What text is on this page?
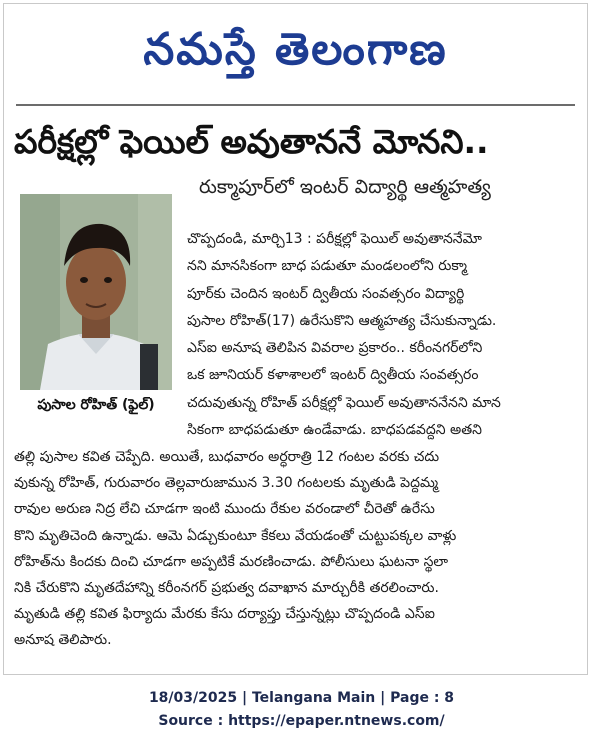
నమస్తే తెలంగాణ
పరీక్షల్లో ఫెయిల్ అవుతాననే మోనని..
రుక్మాపూర్‌లో ఇంటర్ విద్యార్థి ఆత్మహత్య
పుసాల రోహిత్ (ఫైల్)
చొప్పదండి, మార్చి13 : పరీక్షల్లో ఫెయిల్ అవుతాననేమో
నని మానసికంగా బాధ పడుతూ మండలంలోని రుక్మా
పూర్‌కు చెందిన ఇంటర్ ద్వితీయ సంవత్సరం విద్యార్థి
పుసాల రోహిత్(17) ఉరేసుకొని ఆత్మహత్య చేసుకున్నాడు.
ఎస్ఐ అనూష తెలిపిన వివరాల ప్రకారం.. కరీంనగర్‌లోని
ఒక జూనియర్ కళాశాలలో ఇంటర్ ద్వితీయ సంవత్సరం
చదువుతున్న రోహిత్ పరీక్షల్లో ఫెయిల్ అవుతాననేనని మాన
సికంగా బాధపడుతూ ఉండేవాడు. బాధపడవద్దని అతని
తల్లి పుసాల కవిత చెప్పేది. అయితే, బుధవారం అర్ధరాత్రి 12 గంటల వరకు చదు
వుకున్న రోహిత్, గురువారం తెల్లవారుజామున 3.30 గంటలకు మృతుడి పెద్దమ్మ
రావుల అరుణ నిద్ర లేచి చూడగా ఇంటి ముందు రేకుల వరండాలో చీరెతో ఉరేసు
కొని మృతిచెంది ఉన్నాడు. ఆమె ఏడ్చుకుంటూ కేకలు వేయడంతో చుట్టుపక్కల వాళ్లు
రోహిత్‌ను కిందకు దించి చూడగా అప్పటికే మరణించాడు. పోలీసులు ఘటనా స్థలా
నికి చేరుకొని మృతదేహాన్ని కరీంనగర్ ప్రభుత్వ దవాఖాన మార్చురీకి తరలించారు.
మృతుడి తల్లి కవిత ఫిర్యాదు మేరకు కేసు దర్యాప్తు చేస్తున్నట్లు చొప్పదండి ఎస్ఐ
అనూష తెలిపారు.
18/03/2025 | Telangana Main | Page : 8
Source : https://epaper.ntnews.com/
